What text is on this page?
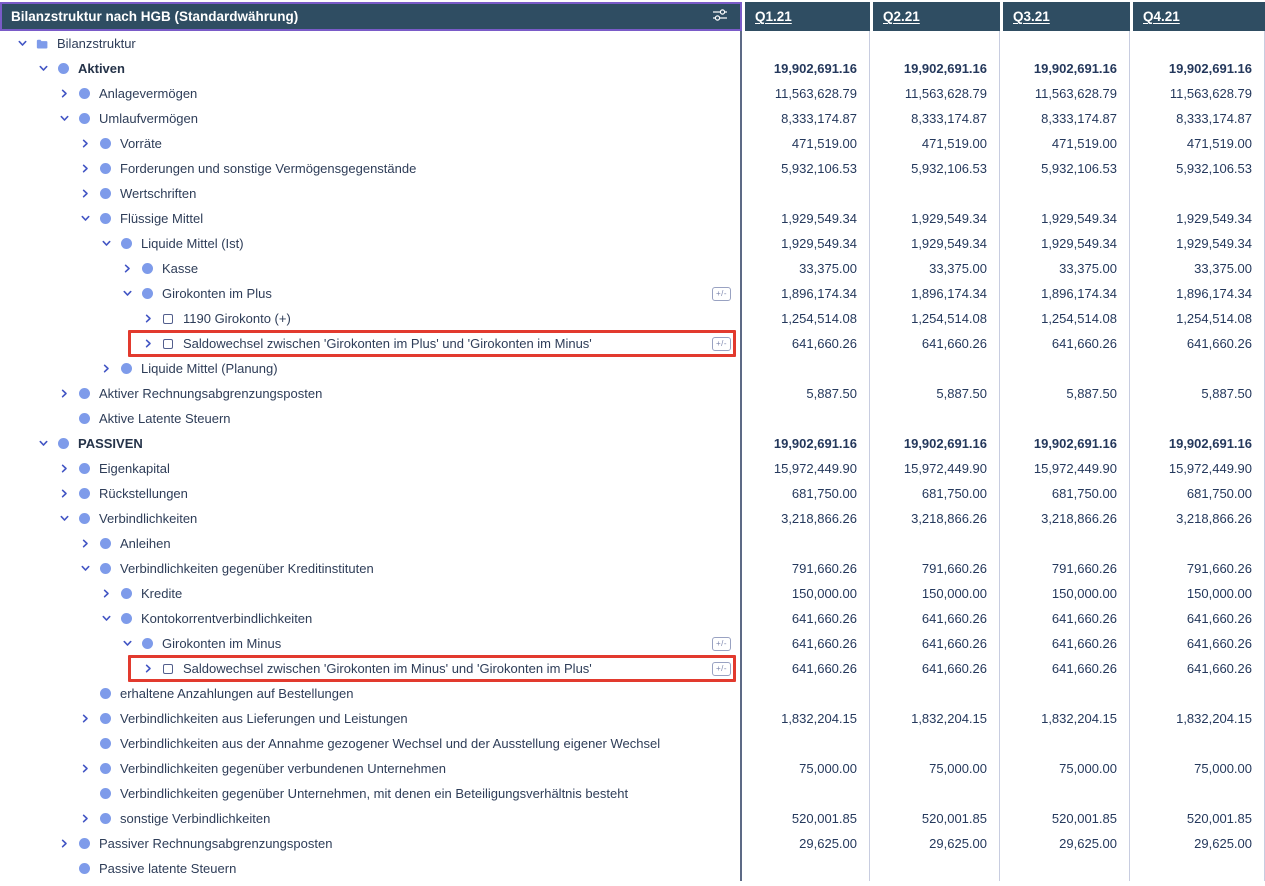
Bilanzstruktur nach HGB (Standardwährung)	Q1.21	Q2.21	Q3.21	Q4.21
Bilanzstruktur
Aktiven	19,902,691.16	19,902,691.16	19,902,691.16	19,902,691.16
Anlagevermögen	11,563,628.79	11,563,628.79	11,563,628.79	11,563,628.79
Umlaufvermögen	8,333,174.87	8,333,174.87	8,333,174.87	8,333,174.87
Vorräte	471,519.00	471,519.00	471,519.00	471,519.00
Forderungen und sonstige Vermögensgegenstände	5,932,106.53	5,932,106.53	5,932,106.53	5,932,106.53
Wertschriften
Flüssige Mittel	1,929,549.34	1,929,549.34	1,929,549.34	1,929,549.34
Liquide Mittel (Ist)	1,929,549.34	1,929,549.34	1,929,549.34	1,929,549.34
Kasse	33,375.00	33,375.00	33,375.00	33,375.00
Girokonten im Plus	+/-	1,896,174.34	1,896,174.34	1,896,174.34	1,896,174.34
1190 Girokonto (+)	1,254,514.08	1,254,514.08	1,254,514.08	1,254,514.08
Saldowechsel zwischen 'Girokonten im Plus' und 'Girokonten im Minus'	+/-	641,660.26	641,660.26	641,660.26	641,660.26
Liquide Mittel (Planung)
Aktiver Rechnungsabgrenzungsposten	5,887.50	5,887.50	5,887.50	5,887.50
Aktive Latente Steuern
PASSIVEN	19,902,691.16	19,902,691.16	19,902,691.16	19,902,691.16
Eigenkapital	15,972,449.90	15,972,449.90	15,972,449.90	15,972,449.90
Rückstellungen	681,750.00	681,750.00	681,750.00	681,750.00
Verbindlichkeiten	3,218,866.26	3,218,866.26	3,218,866.26	3,218,866.26
Anleihen
Verbindlichkeiten gegenüber Kreditinstituten	791,660.26	791,660.26	791,660.26	791,660.26
Kredite	150,000.00	150,000.00	150,000.00	150,000.00
Kontokorrentverbindlichkeiten	641,660.26	641,660.26	641,660.26	641,660.26
Girokonten im Minus	+/-	641,660.26	641,660.26	641,660.26	641,660.26
Saldowechsel zwischen 'Girokonten im Minus' und 'Girokonten im Plus'	+/-	641,660.26	641,660.26	641,660.26	641,660.26
erhaltene Anzahlungen auf Bestellungen
Verbindlichkeiten aus Lieferungen und Leistungen	1,832,204.15	1,832,204.15	1,832,204.15	1,832,204.15
Verbindlichkeiten aus der Annahme gezogener Wechsel und der Ausstellung eigener Wechsel
Verbindlichkeiten gegenüber verbundenen Unternehmen	75,000.00	75,000.00	75,000.00	75,000.00
Verbindlichkeiten gegenüber Unternehmen, mit denen ein Beteiligungsverhältnis besteht
sonstige Verbindlichkeiten	520,001.85	520,001.85	520,001.85	520,001.85
Passiver Rechnungsabgrenzungsposten	29,625.00	29,625.00	29,625.00	29,625.00
Passive latente Steuern
